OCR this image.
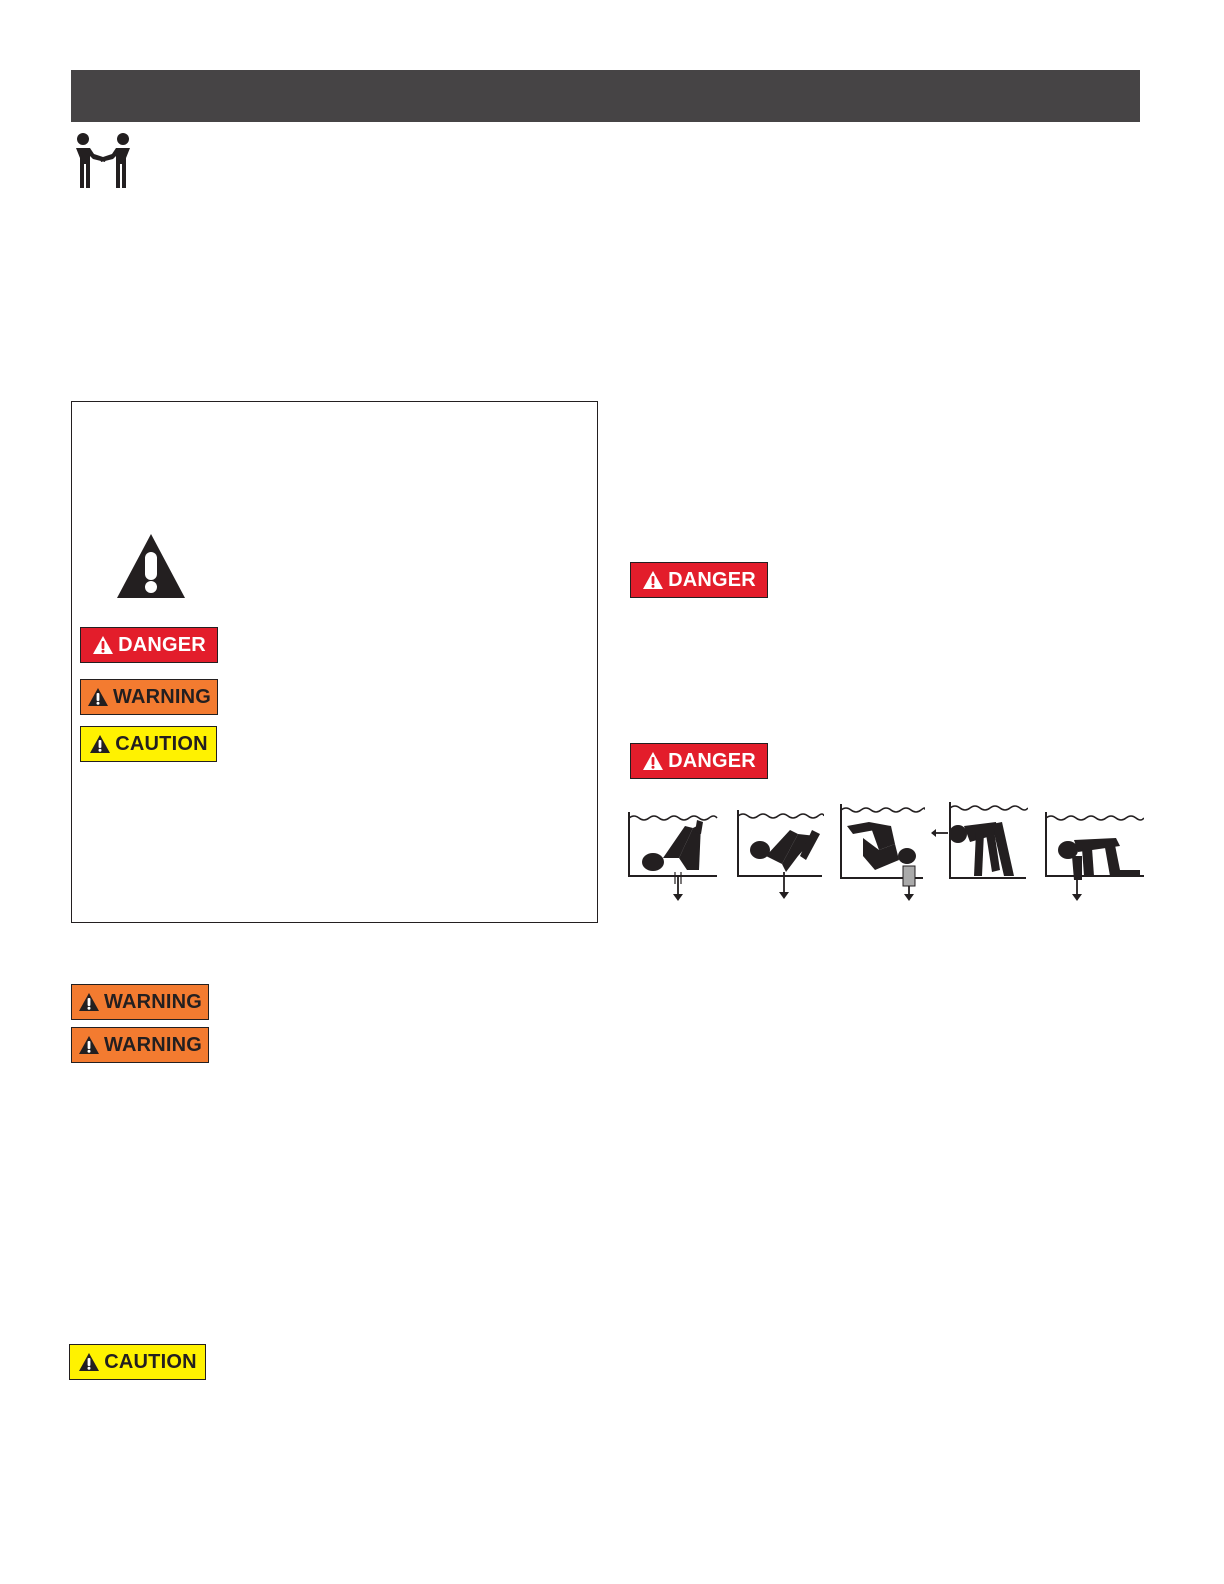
DANGER
WARNING
CAUTION
WARNING
WARNING
CAUTION
DANGER
DANGER
